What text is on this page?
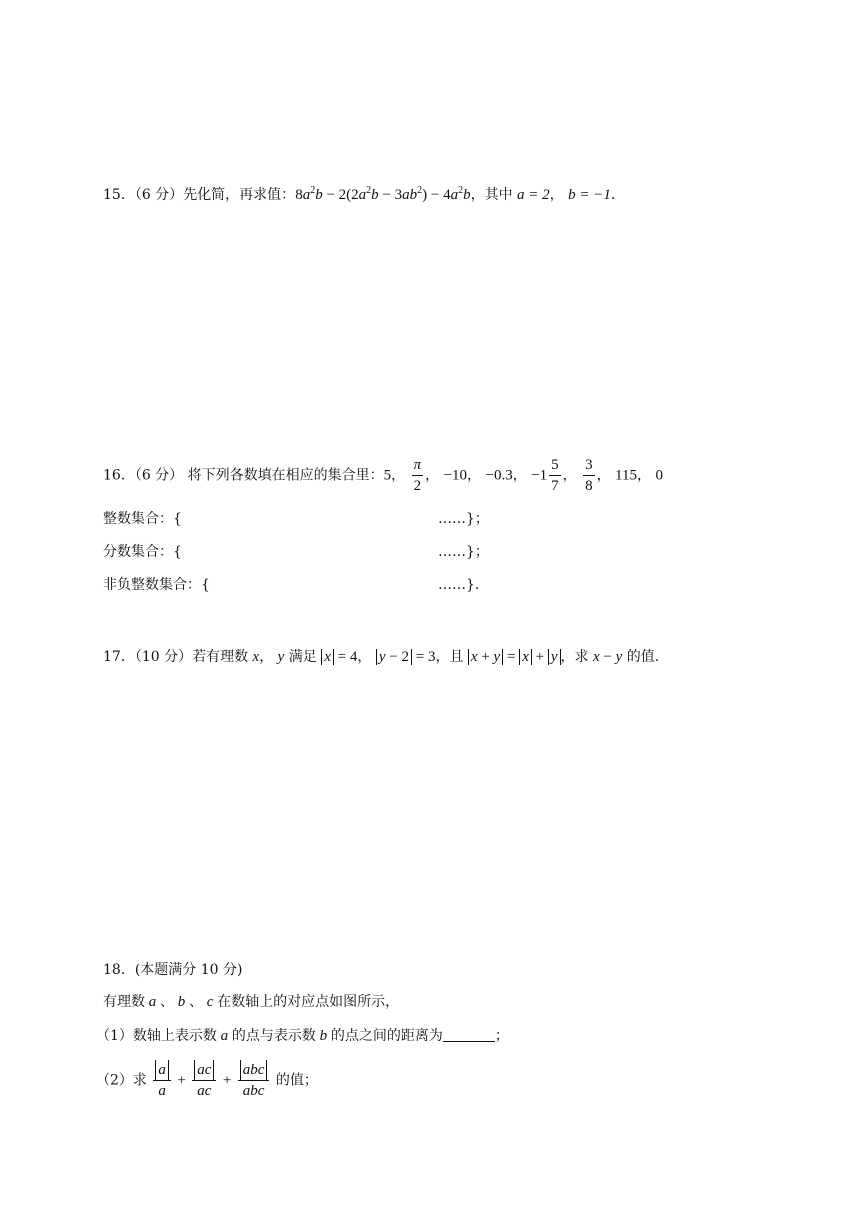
15．（6 分）先化简，再求值：$8a^2b - 2(2a^2b - 3ab^2) - 4a^2b$，其中 a = 2， b = −1．
16．（6 分） 将下列各数填在相应的集合里：5， $\frac{\pi}{2}$ ， −10， −0.3， $-1 \frac{5}{7}$ ， $\frac{3}{8}$ ， 115， 0
整数集合：{	……}；
分数集合：{	……}；
非负整数集合：{	……}．
17．（10 分）若有理数 x， y 满足 x = 4， y − 2 = 3，且 x + y = x + y ，求 x − y 的值.
18．(本题满分 10 分)
有理数 a 、 b 、 c 在数轴上的对应点如图所示，
（1）数轴上表示数 a 的点与表示数 b 的点之间的距离为	；
（2）求 $\frac{a}{a} + \frac{ac}{ac} + \frac{\text{abc}}{\text{abc}}$ 的值；
